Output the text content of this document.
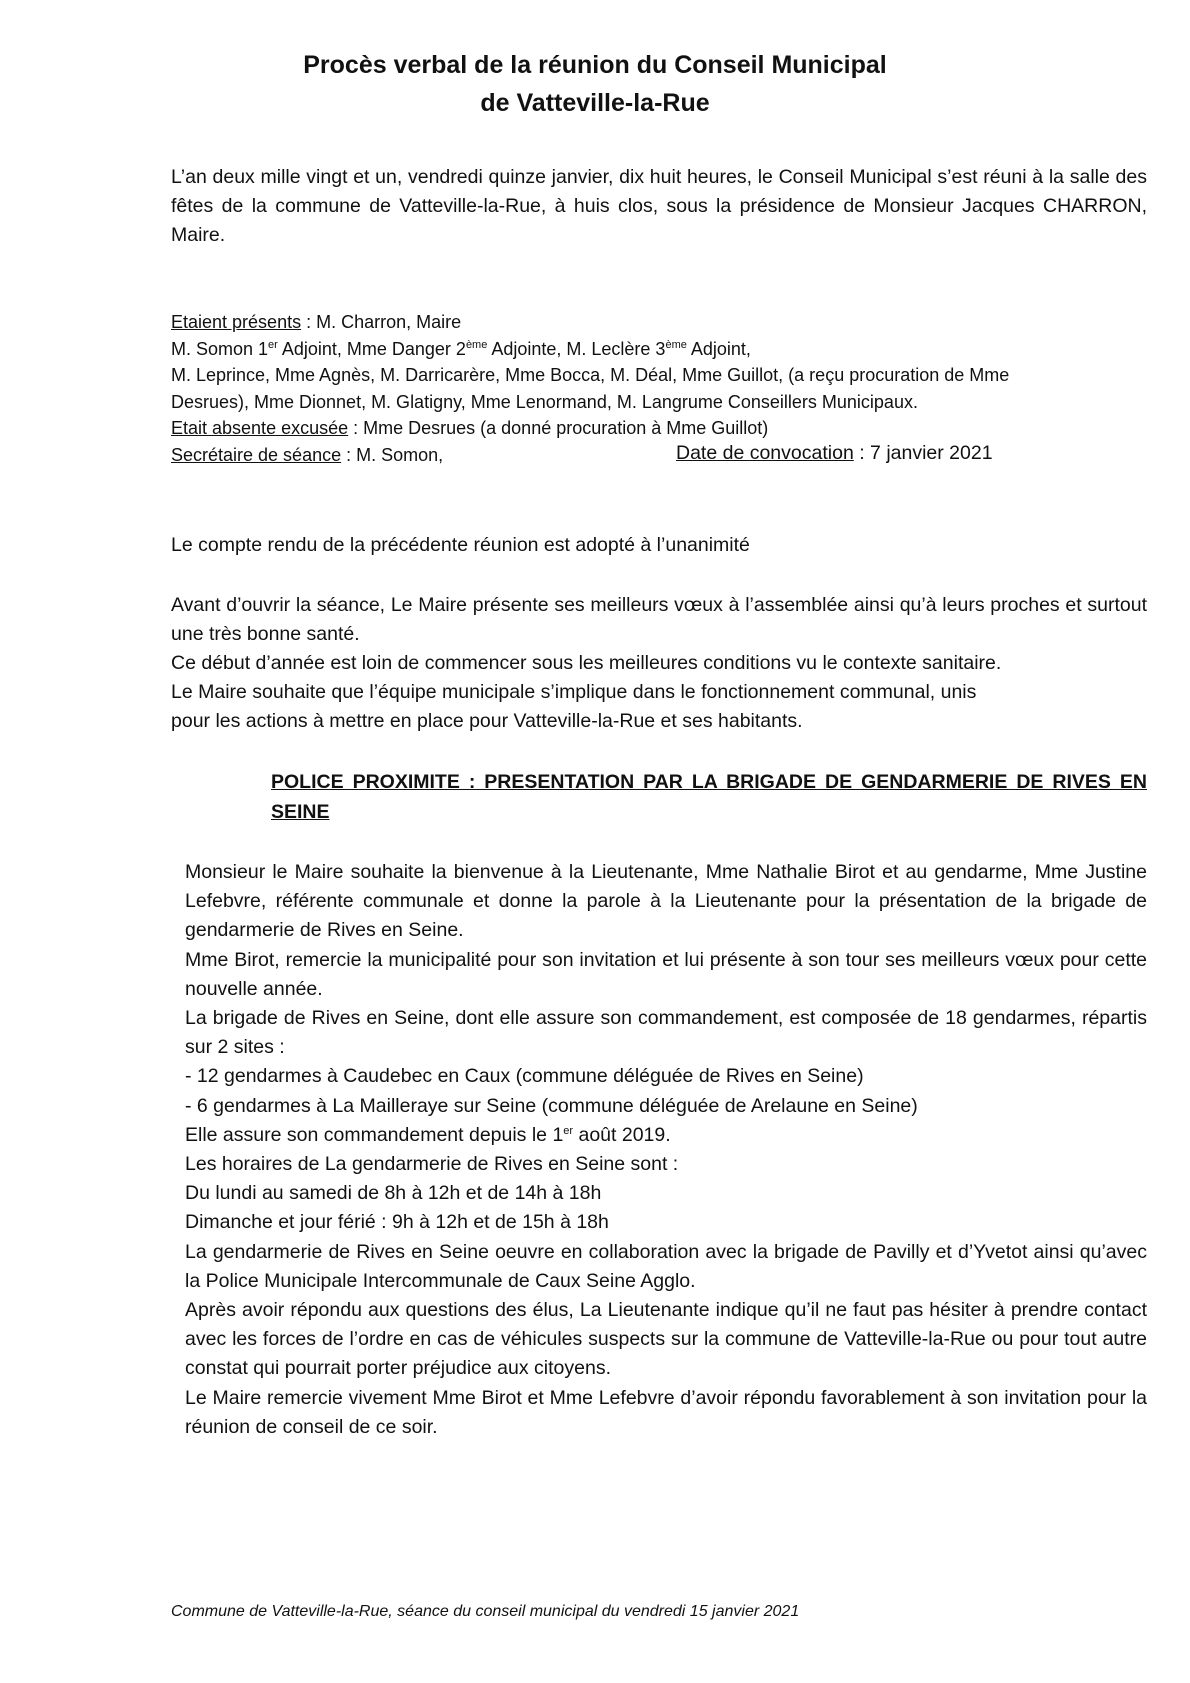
Procès verbal de la réunion du Conseil Municipal
de Vatteville-la-Rue

L’an deux mille vingt et un, vendredi quinze janvier, dix huit heures, le Conseil Municipal s’est réuni à la salle des fêtes de la commune de Vatteville-la-Rue, à huis clos, sous la présidence de Monsieur Jacques CHARRON, Maire.

Etaient présents : M. Charron, Maire
M. Somon 1er Adjoint, Mme Danger 2ème Adjointe, M. Leclère 3ème Adjoint,
M. Leprince, Mme Agnès, M. Darricarère, Mme Bocca, M. Déal, Mme Guillot, (a reçu procuration de Mme
Desrues), Mme Dionnet, M. Glatigny, Mme Lenormand, M. Langrume Conseillers Municipaux.
Etait absente excusée : Mme Desrues (a donné procuration à Mme Guillot)
Secrétaire de séance : M. Somon,	Date de convocation : 7 janvier 2021

Le compte rendu de la précédente réunion est adopté à l’unanimité

Avant d’ouvrir la séance, Le Maire présente ses meilleurs vœux à l’assemblée ainsi qu’à leurs proches et surtout une très bonne santé.
Ce début d’année est loin de commencer sous les meilleures conditions vu le contexte sanitaire.
Le Maire souhaite que l’équipe municipale s’implique dans le fonctionnement communal, unis
pour les actions à mettre en place pour Vatteville-la-Rue et ses habitants.

POLICE PROXIMITE : PRESENTATION PAR LA BRIGADE DE GENDARMERIE DE RIVES EN SEINE

Monsieur le Maire souhaite la bienvenue à la Lieutenante, Mme Nathalie Birot et au gendarme, Mme Justine Lefebvre, référente communale et donne la parole à la Lieutenante pour la présentation de la brigade de gendarmerie de Rives en Seine.
Mme Birot, remercie la municipalité pour son invitation et lui présente à son tour ses meilleurs vœux pour cette nouvelle année.
La brigade de Rives en Seine, dont elle assure son commandement, est composée de 18 gendarmes, répartis sur 2 sites :
- 12 gendarmes à Caudebec en Caux (commune déléguée de Rives en Seine)
- 6 gendarmes à La Mailleraye sur Seine (commune déléguée de Arelaune en Seine)
Elle assure son commandement depuis le 1er août 2019.
Les horaires de La gendarmerie de Rives en Seine sont :
Du lundi au samedi de 8h à 12h et de 14h à 18h
Dimanche et jour férié : 9h à 12h et de 15h à 18h
La gendarmerie de Rives en Seine oeuvre en collaboration avec la brigade de Pavilly et d’Yvetot ainsi qu’avec la Police Municipale Intercommunale de Caux Seine Agglo.
Après avoir répondu aux questions des élus, La Lieutenante indique qu’il ne faut pas hésiter à prendre contact avec les forces de l’ordre en cas de véhicules suspects sur la commune de Vatteville-la-Rue ou pour tout autre constat qui pourrait porter préjudice aux citoyens.
Le Maire remercie vivement Mme Birot et Mme Lefebvre d’avoir répondu favorablement à son invitation pour la réunion de conseil de ce soir.
Commune de Vatteville-la-Rue, séance du conseil municipal du vendredi 15 janvier 2021
